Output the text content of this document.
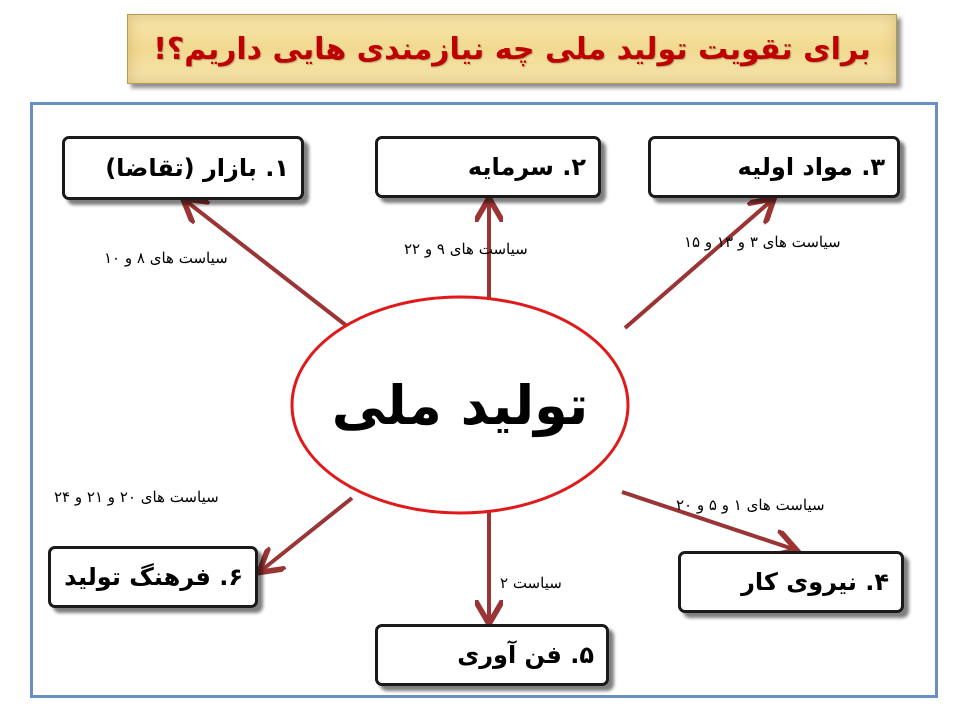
برای تقویت تولید ملی چه نیازمندی هایی داریم؟!
تولید ملی
۱. بازار (تقاضا)	۲. سرمایه	۳. مواد اولیه
۴. نیروی کار
۵. فن آوری
۶. فرهنگ تولید
سیاست های ۸ و ۱۰	سیاست های ۹ و ۲۲	سیاست های ۳ و ۱۳ و ۱۵
سیاست های ۱ و ۵ و ۲۰
سیاست ۲
سیاست های ۲۰ و ۲۱ و ۲۴
